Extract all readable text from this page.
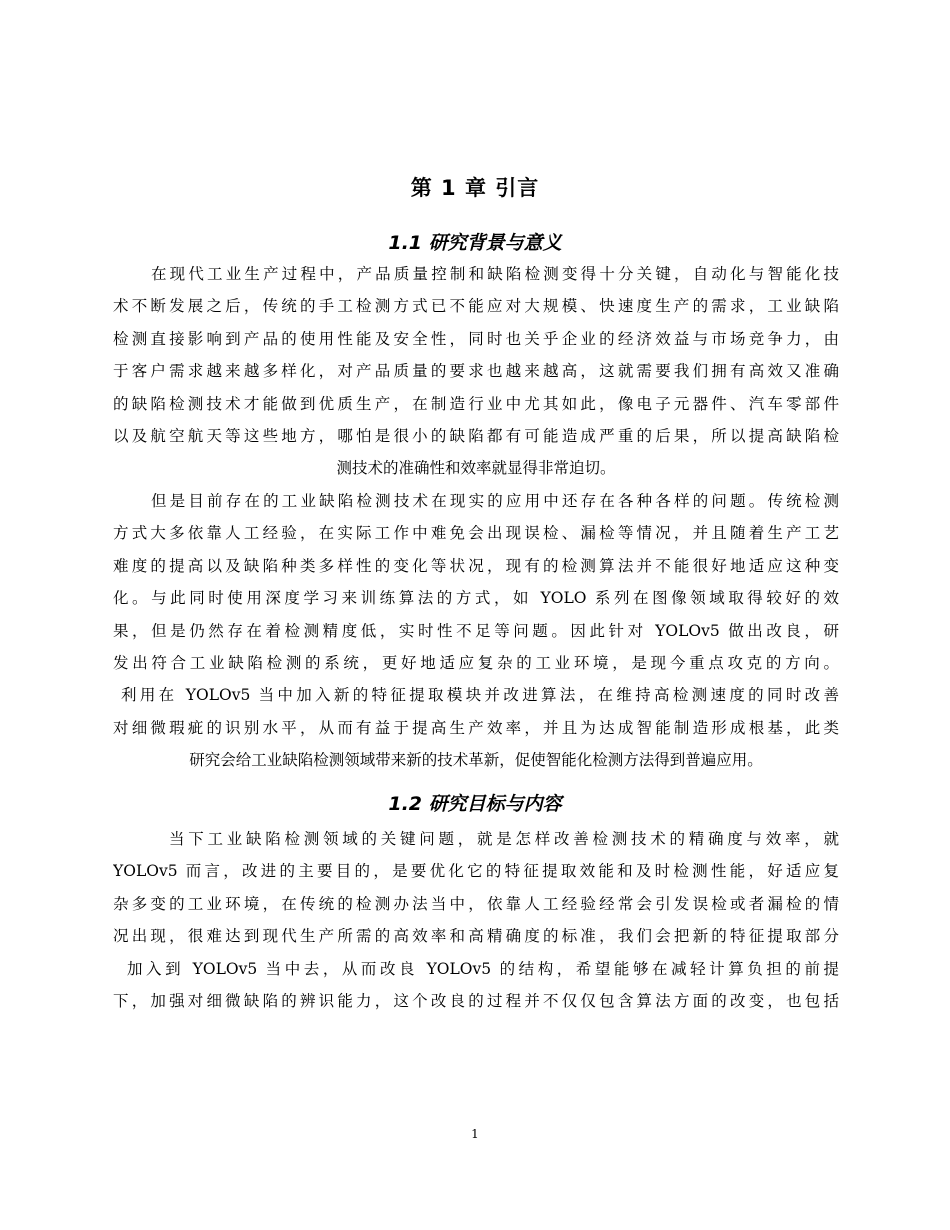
第 1 章 引言
1.1 研究背景与意义
在现代工业生产过程中，产品质量控制和缺陷检测变得十分关键，自动化与智能化技
术不断发展之后，传统的手工检测方式已不能应对大规模、快速度生产的需求，工业缺陷
检测直接影响到产品的使用性能及安全性，同时也关乎企业的经济效益与市场竞争力，由
于客户需求越来越多样化，对产品质量的要求也越来越高，这就需要我们拥有高效又准确
的缺陷检测技术才能做到优质生产，在制造行业中尤其如此，像电子元器件、汽车零部件
以及航空航天等这些地方，哪怕是很小的缺陷都有可能造成严重的后果，所以提高缺陷检
测技术的准确性和效率就显得非常迫切。
但是目前存在的工业缺陷检测技术在现实的应用中还存在各种各样的问题。传统检测
方式大多依靠人工经验，在实际工作中难免会出现误检、漏检等情况，并且随着生产工艺
难度的提高以及缺陷种类多样性的变化等状况，现有的检测算法并不能很好地适应这种变
化。与此同时使用深度学习来训练算法的方式，如 YOLO 系列在图像领域取得较好的效
果，但是仍然存在着检测精度低，实时性不足等问题。因此针对 YOLOv5 做出改良，研
发出符合工业缺陷检测的系统，更好地适应复杂的工业环境，是现今重点攻克的方向。
利用在 YOLOv5 当中加入新的特征提取模块并改进算法，在维持高检测速度的同时改善
对细微瑕疵的识别水平，从而有益于提高生产效率，并且为达成智能制造形成根基，此类
研究会给工业缺陷检测领域带来新的技术革新，促使智能化检测方法得到普遍应用。
1.2 研究目标与内容
当下工业缺陷检测领域的关键问题，就是怎样改善检测技术的精确度与效率，就
YOLOv5 而言，改进的主要目的，是要优化它的特征提取效能和及时检测性能，好适应复
杂多变的工业环境，在传统的检测办法当中，依靠人工经验经常会引发误检或者漏检的情
况出现，很难达到现代生产所需的高效率和高精确度的标准，我们会把新的特征提取部分
加入到 YOLOv5 当中去，从而改良 YOLOv5 的结构，希望能够在减轻计算负担的前提
下，加强对细微缺陷的辨识能力，这个改良的过程并不仅仅包含算法方面的改变，也包括
1
